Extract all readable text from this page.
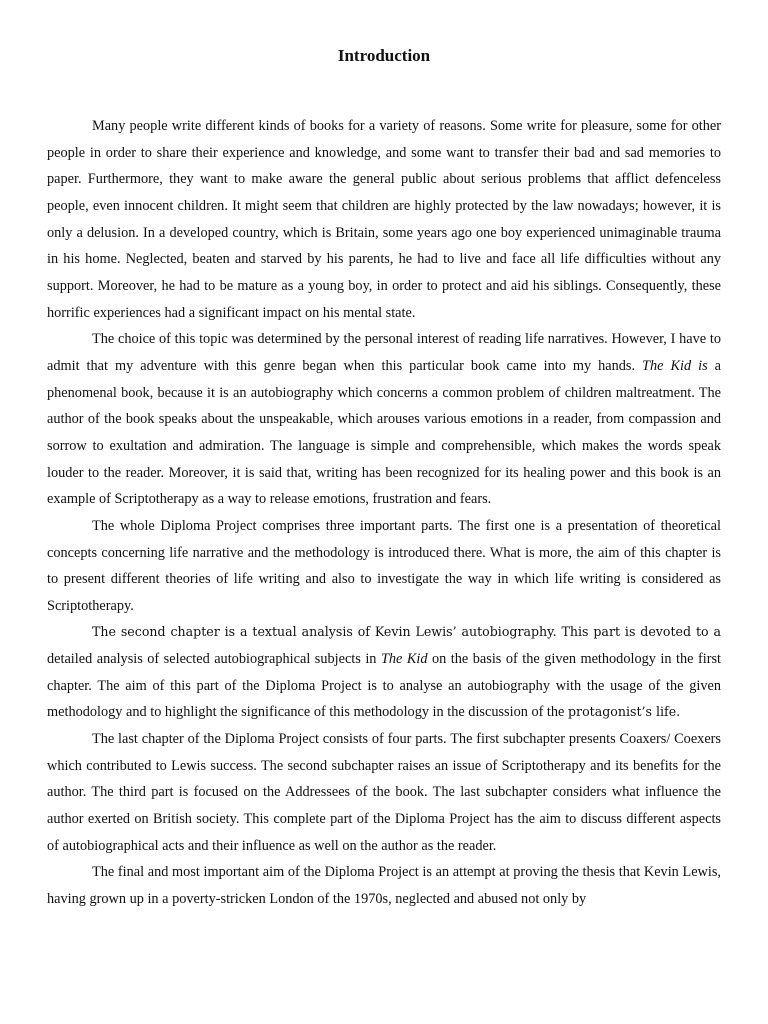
Introduction

Many people write different kinds of books for a variety of reasons. Some write for pleasure, some for other people in order to share their experience and knowledge, and some want to transfer their bad and sad memories to paper. Furthermore, they want to make aware the general public about serious problems that afflict defenceless people, even innocent children. It might seem that children are highly protected by the law nowadays; however, it is only a delusion. In a developed country, which is Britain, some years ago one boy experienced unimaginable trauma in his home. Neglected, beaten and starved by his parents, he had to live and face all life difficulties without any support. Moreover, he had to be mature as a young boy, in order to protect and aid his siblings. Consequently, these horrific experiences had a significant impact on his mental state.

The choice of this topic was determined by the personal interest of reading life narratives. However, I have to admit that my adventure with this genre began when this particular book came into my hands. The Kid is a phenomenal book, because it is an autobiography which concerns a common problem of children maltreatment. The author of the book speaks about the unspeakable, which arouses various emotions in a reader, from compassion and sorrow to exultation and admiration. The language is simple and comprehensible, which makes the words speak louder to the reader. Moreover, it is said that, writing has been recognized for its healing power and this book is an example of Scriptotherapy as a way to release emotions, frustration and fears.

The whole Diploma Project comprises three important parts. The first one is a presentation of theoretical concepts concerning life narrative and the methodology is introduced there. What is more, the aim of this chapter is to present different theories of life writing and also to investigate the way in which life writing is considered as Scriptotherapy.

The second chapter is a textual analysis of Kevin Lewis’ autobiography. This part is devoted to a detailed analysis of selected autobiographical subjects in The Kid on the basis of the given methodology in the first chapter. The aim of this part of the Diploma Project is to analyse an autobiography with the usage of the given methodology and to highlight the significance of this methodology in the discussion of the protagonist’s life.

The last chapter of the Diploma Project consists of four parts. The first subchapter presents Coaxers/ Coexers which contributed to Lewis success. The second subchapter raises an issue of Scriptotherapy and its benefits for the author. The third part is focused on the Addressees of the book. The last subchapter considers what influence the author exerted on British society. This complete part of the Diploma Project has the aim to discuss different aspects of autobiographical acts and their influence as well on the author as the reader.

The final and most important aim of the Diploma Project is an attempt at proving the thesis that Kevin Lewis, having grown up in a poverty-stricken London of the 1970s, neglected and abused not only by
